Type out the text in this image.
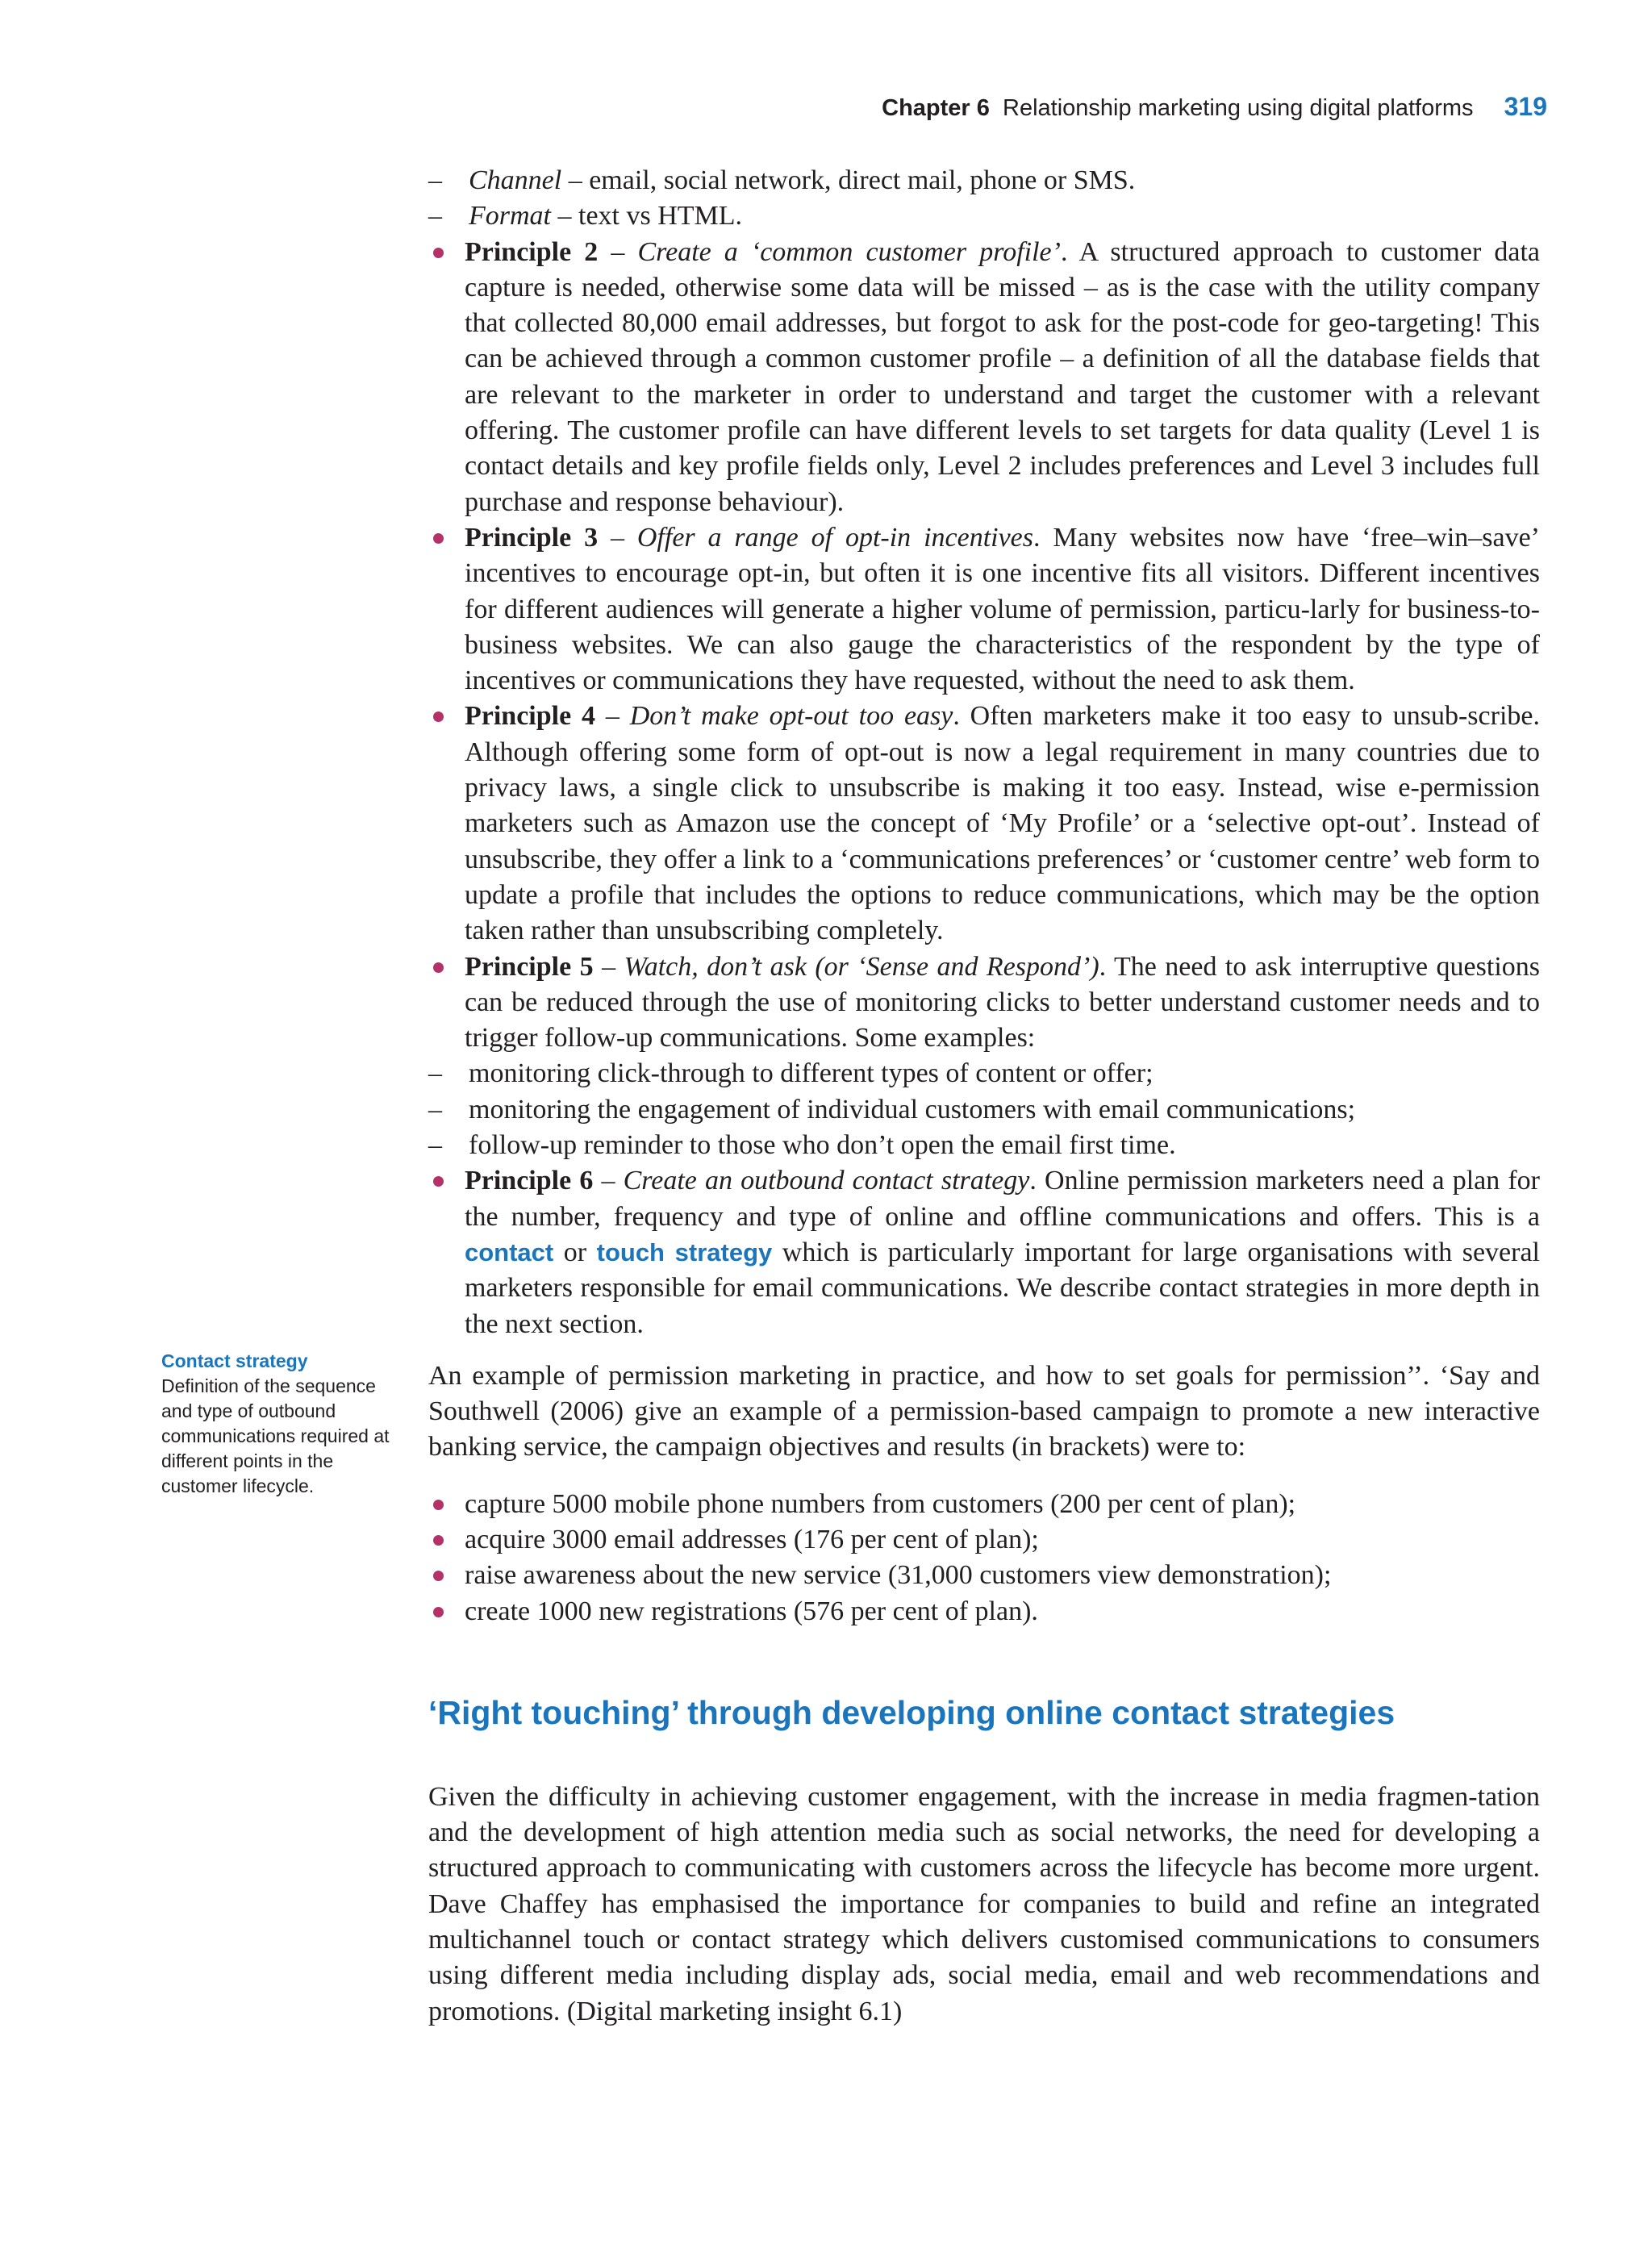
Chapter 6 Relationship marketing using digital platforms 319
Contact strategy
Definition of the sequence and type of outbound communications required at different points in the customer lifecycle.

– Channel – email, social network, direct mail, phone or SMS.

– Format – text vs HTML.

Principle 2 – Create a ‘common customer profile’. A structured approach to customer data capture is needed, otherwise some data will be missed – as is the case with the utility company that collected 80,000 email addresses, but forgot to ask for the post-code for geo-targeting! This can be achieved through a common customer profile – a definition of all the database fields that are relevant to the marketer in order to understand and target the customer with a relevant offering. The customer profile can have different levels to set targets for data quality (Level 1 is contact details and key profile fields only, Level 2 includes preferences and Level 3 includes full purchase and response behaviour).

Principle 3 – Offer a range of opt-in incentives. Many websites now have ‘free–win–save’ incentives to encourage opt-in, but often it is one incentive fits all visitors. Different incentives for different audiences will generate a higher volume of permission, particu-larly for business-to-business websites. We can also gauge the characteristics of the respondent by the type of incentives or communications they have requested, without the need to ask them.

Principle 4 – Don’t make opt-out too easy. Often marketers make it too easy to unsub-scribe. Although offering some form of opt-out is now a legal requirement in many countries due to privacy laws, a single click to unsubscribe is making it too easy. Instead, wise e-permission marketers such as Amazon use the concept of ‘My Profile’ or a ‘selective opt-out’. Instead of unsubscribe, they offer a link to a ‘communications preferences’ or ‘customer centre’ web form to update a profile that includes the options to reduce communications, which may be the option taken rather than unsubscribing completely.

Principle 5 – Watch, don’t ask (or ‘Sense and Respond’). The need to ask interruptive questions can be reduced through the use of monitoring clicks to better understand customer needs and to trigger follow-up communications. Some examples:

– monitoring click-through to different types of content or offer;

– monitoring the engagement of individual customers with email communications;

– follow-up reminder to those who don’t open the email first time.

Principle 6 – Create an outbound contact strategy. Online permission marketers need a plan for the number, frequency and type of online and offline communications and offers. This is a contact or touch strategy which is particularly important for large organisations with several marketers responsible for email communications. We describe contact strategies in more depth in the next section.

An example of permission marketing in practice, and how to set goals for permission’’. ‘Say and Southwell (2006) give an example of a permission-based campaign to promote a new interactive banking service, the campaign objectives and results (in brackets) were to:

capture 5000 mobile phone numbers from customers (200 per cent of plan);

acquire 3000 email addresses (176 per cent of plan);

raise awareness about the new service (31,000 customers view demonstration);

create 1000 new registrations (576 per cent of plan).

‘Right touching’ through developing online contact strategies

Given the difficulty in achieving customer engagement, with the increase in media fragmen-tation and the development of high attention media such as social networks, the need for developing a structured approach to communicating with customers across the lifecycle has become more urgent. Dave Chaffey has emphasised the importance for companies to build and refine an integrated multichannel touch or contact strategy which delivers customised communications to consumers using different media including display ads, social media, email and web recommendations and promotions. (Digital marketing insight 6.1)
